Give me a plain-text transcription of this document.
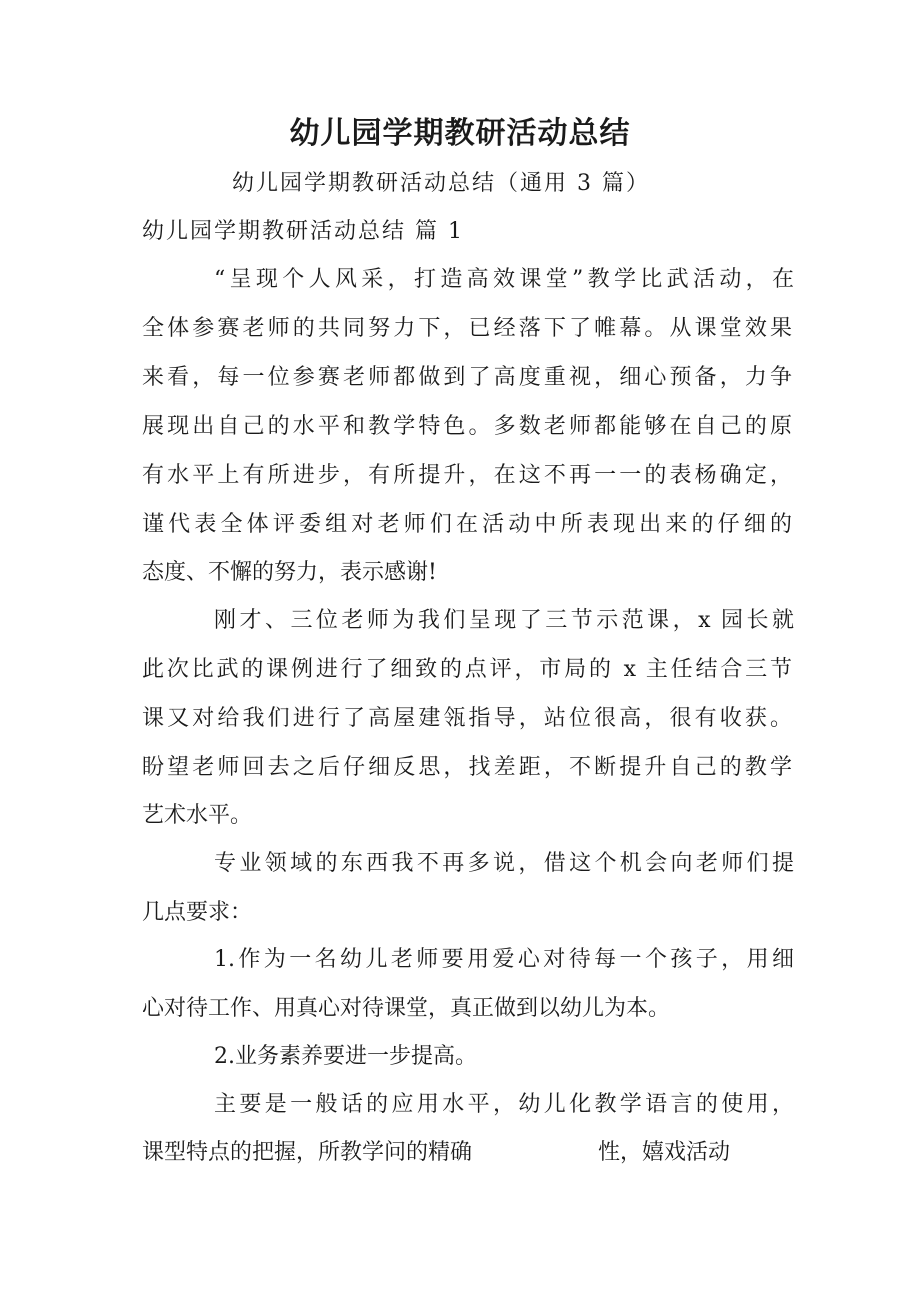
幼儿园学期教研活动总结
幼儿园学期教研活动总结（通用 3 篇）
幼儿园学期教研活动总结 篇 1
“呈现个人风采，打造高效课堂”教学比武活动，在
全体参赛老师的共同努力下，已经落下了帷幕。从课堂效果
来看，每一位参赛老师都做到了高度重视，细心预备，力争
展现出自己的水平和教学特色。多数老师都能够在自己的原
有水平上有所进步，有所提升，在这不再一一的表杨确定，
谨代表全体评委组对老师们在活动中所表现出来的仔细的
态度、不懈的努力，表示感谢!
刚才、三位老师为我们呈现了三节示范课，x 园长就
此次比武的课例进行了细致的点评，市局的 x 主任结合三节
课又对给我们进行了高屋建瓴指导，站位很高，很有收获。
盼望老师回去之后仔细反思，找差距，不断提升自己的教学
艺术水平。
专业领域的东西我不再多说，借这个机会向老师们提
几点要求：
1.作为一名幼儿老师要用爱心对待每一个孩子，用细
心对待工作、用真心对待课堂，真正做到以幼儿为本。
2.业务素养要进一步提高。
主要是一般话的应用水平，幼儿化教学语言的使用，
课型特点的把握，所教学问的精确	性，嬉戏活动
